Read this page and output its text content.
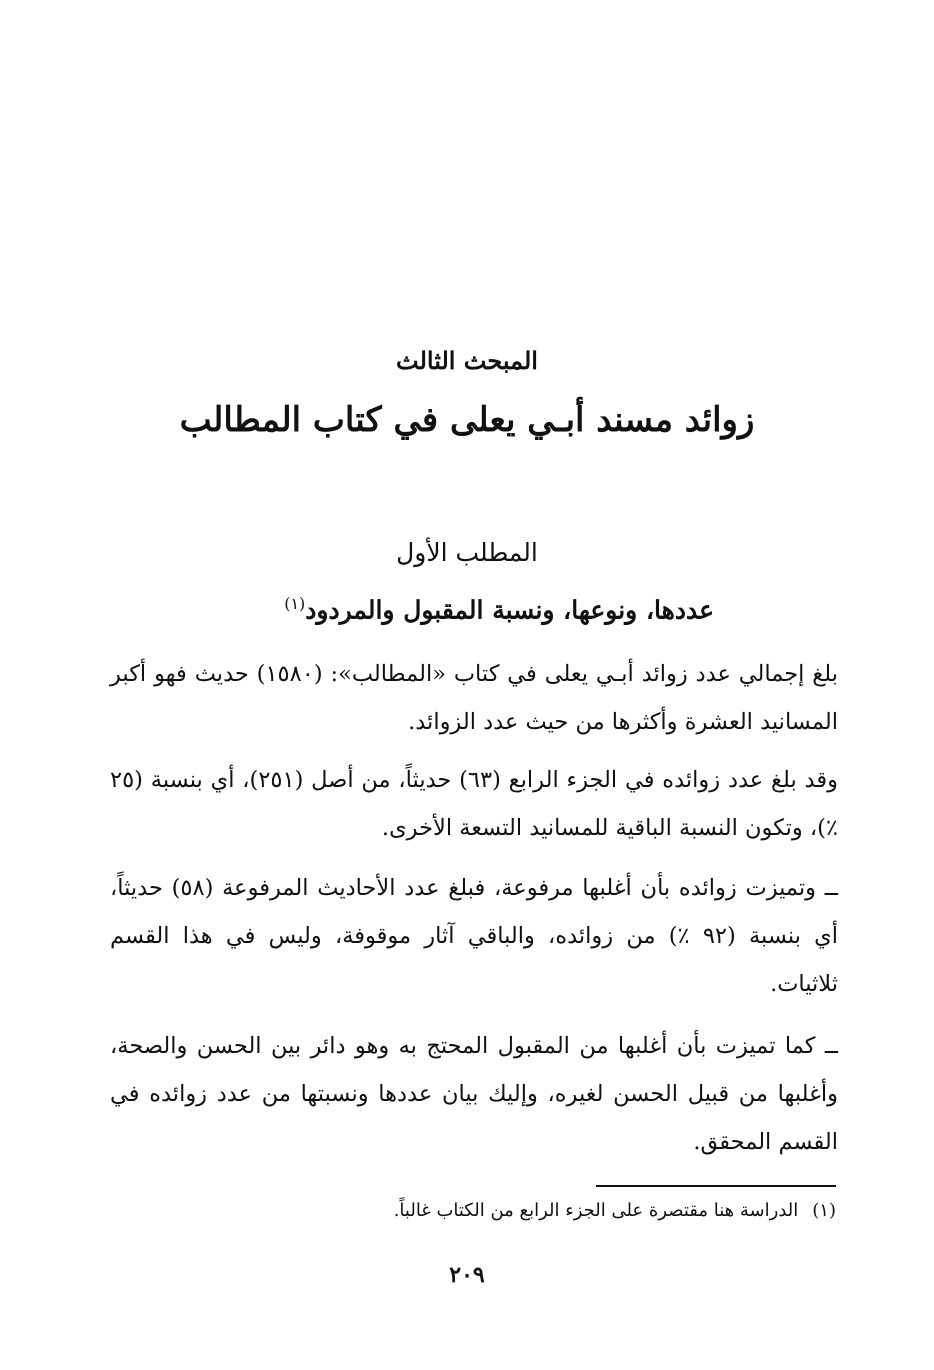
المبحث الثالث
زوائد مسند أبـي يعلى في كتاب المطالب
المطلب الأول
عددها، ونوعها، ونسبة المقبول والمردود$^{(١)}$

بلغ إجمالي عدد زوائد أبـي يعلى في كتاب «المطالب»: (١٥٨٠) حديث فهو أكبر المسانيد العشرة وأكثرها من حيث عدد الزوائد.

وقد بلغ عدد زوائده في الجزء الرابع (٦٣) حديثاً، من أصل (٢٥١)، أي بنسبة (٢٥ ٪)، وتكون النسبة الباقية للمسانيد التسعة الأخرى.

ــ وتميزت زوائده بأن أغلبها مرفوعة، فبلغ عدد الأحاديث المرفوعة (٥٨) حديثاً، أي بنسبة (٩٢ ٪) من زوائده، والباقي آثار موقوفة، وليس في هذا القسم ثلاثيات.

ــ كما تميزت بأن أغلبها من المقبول المحتج به وهو دائر بين الحسن والصحة، وأغلبها من قبيل الحسن لغيره، وإليك بيان عددها ونسبتها من عدد زوائده في القسم المحقق.

(١)الدراسة هنا مقتصرة على الجزء الرابع من الكتاب غالباً.
٢٠٩
